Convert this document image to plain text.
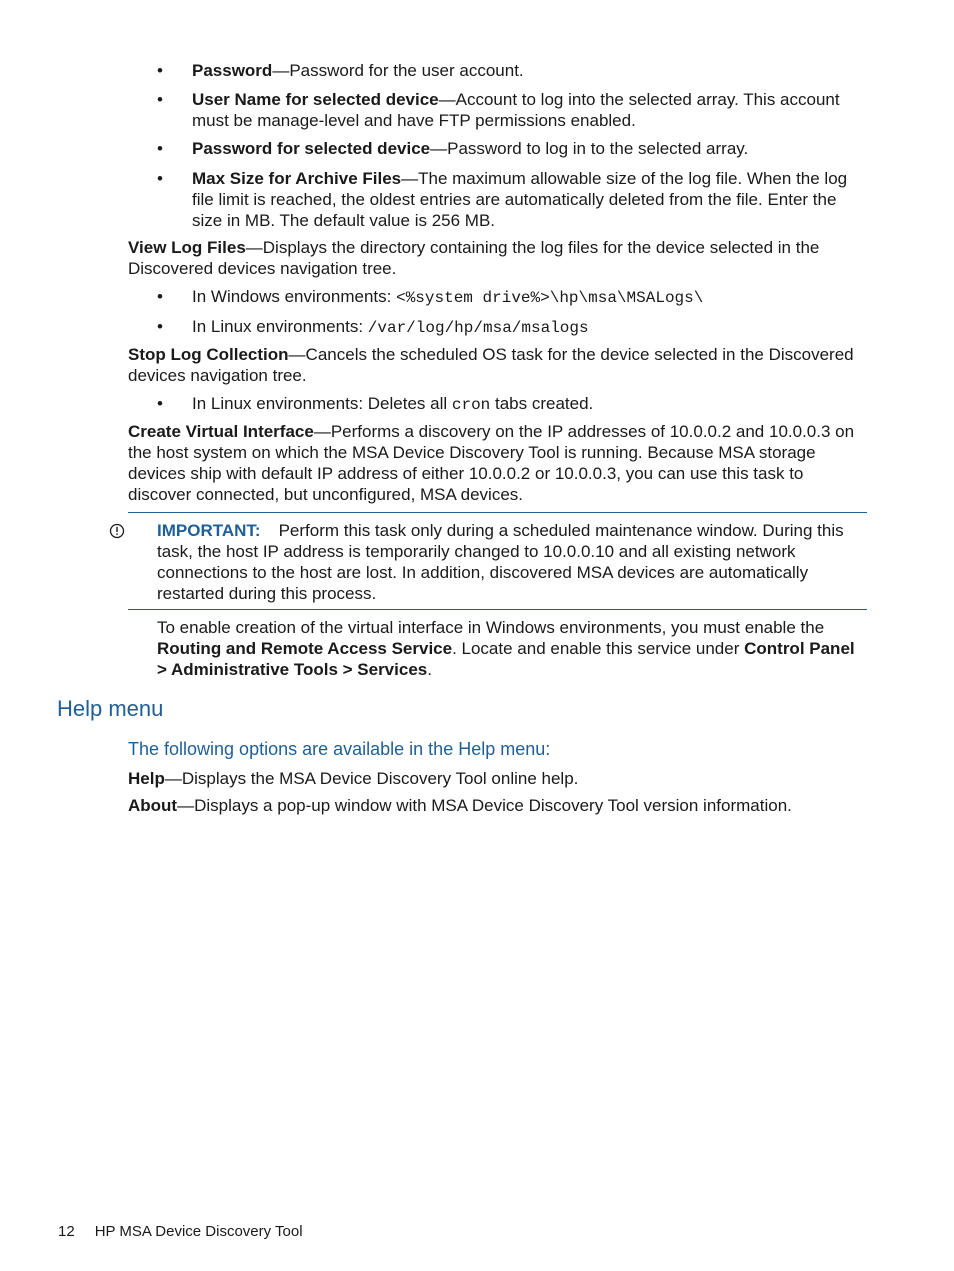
• Password—Password for the user account.

• User Name for selected device—Account to log into the selected array. This account must be manage-level and have FTP permissions enabled.

• Password for selected device—Password to log in to the selected array.

• Max Size for Archive Files—The maximum allowable size of the log file. When the log file limit is reached, the oldest entries are automatically deleted from the file. Enter the size in MB. The default value is 256 MB.

View Log Files—Displays the directory containing the log files for the device selected in the Discovered devices navigation tree.

• In Windows environments: <%system drive%>\hp\msa\MSALogs\

• In Linux environments: /var/log/hp/msa/msalogs

Stop Log Collection—Cancels the scheduled OS task for the device selected in the Discovered devices navigation tree.

• In Linux environments: Deletes all cron tabs created.

Create Virtual Interface—Performs a discovery on the IP addresses of 10.0.0.2 and 10.0.0.3 on the host system on which the MSA Device Discovery Tool is running. Because MSA storage devices ship with default IP address of either 10.0.0.2 or 10.0.0.3, you can use this task to discover connected, but unconfigured, MSA devices.

IMPORTANT: Perform this task only during a scheduled maintenance window. During this task, the host IP address is temporarily changed to 10.0.0.10 and all existing network connections to the host are lost. In addition, discovered MSA devices are automatically restarted during this process.

To enable creation of the virtual interface in Windows environments, you must enable the Routing and Remote Access Service. Locate and enable this service under Control Panel > Administrative Tools > Services.

Help menu
The following options are available in the Help menu:

Help—Displays the MSA Device Discovery Tool online help.

About—Displays a pop-up window with MSA Device Discovery Tool version information.

12 HP MSA Device Discovery Tool
